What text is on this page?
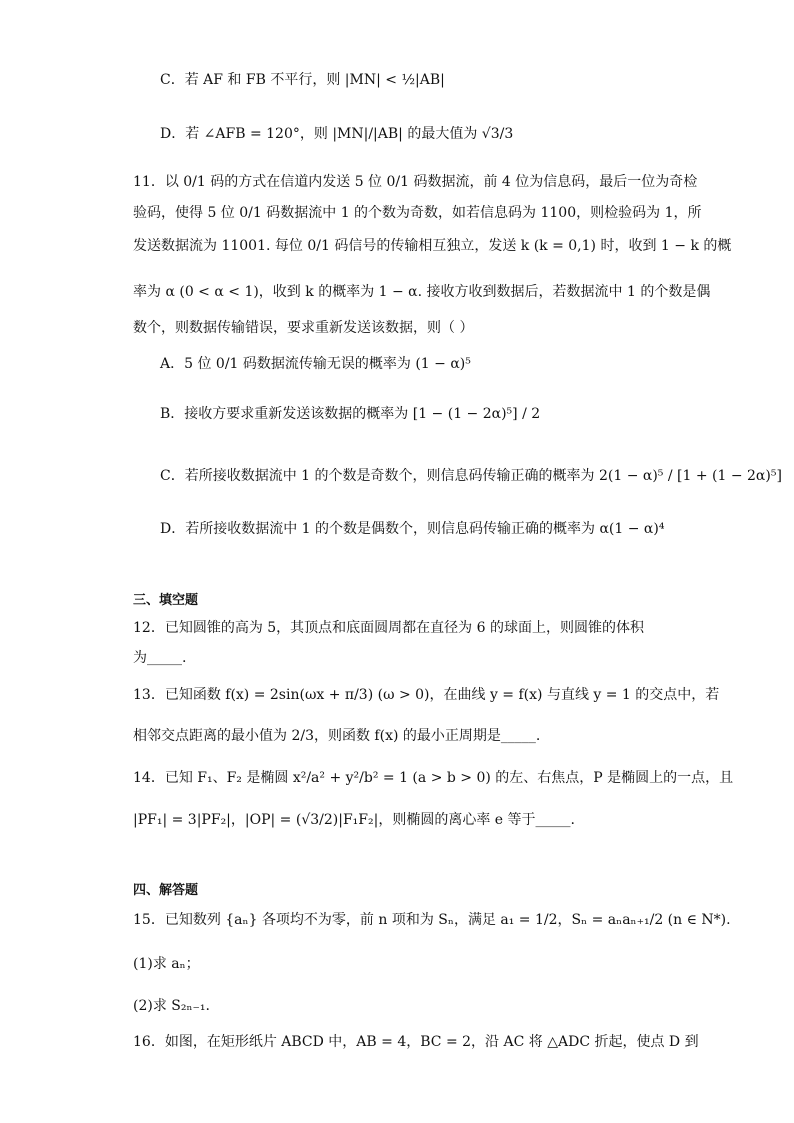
C．若 AF 和 FB 不平行，则 |MN| < ½|AB|
D．若 ∠AFB = 120°，则 |MN|/|AB| 的最大值为 √3/3
11．以 0/1 码的方式在信道内发送 5 位 0/1 码数据流，前 4 位为信息码，最后一位为奇检
验码，使得 5 位 0/1 码数据流中 1 的个数为奇数，如若信息码为 1100，则检验码为 1，所
发送数据流为 11001. 每位 0/1 码信号的传输相互独立，发送 k (k = 0,1) 时，收到 1 − k 的概
率为 α (0 < α < 1)，收到 k 的概率为 1 − α. 接收方收到数据后，若数据流中 1 的个数是偶
数个，则数据传输错误，要求重新发送该数据，则（ ）
A．5 位 0/1 码数据流传输无误的概率为 (1 − α)⁵
B．接收方要求重新发送该数据的概率为 [1 − (1 − 2α)⁵] / 2
C．若所接收数据流中 1 的个数是奇数个，则信息码传输正确的概率为 2(1 − α)⁵ / [1 + (1 − 2α)⁵]
D．若所接收数据流中 1 的个数是偶数个，则信息码传输正确的概率为 α(1 − α)⁴
三、填空题
12．已知圆锥的高为 5，其顶点和底面圆周都在直径为 6 的球面上，则圆锥的体积
为_____.
13．已知函数 f(x) = 2sin(ωx + π/3) (ω > 0)，在曲线 y = f(x) 与直线 y = 1 的交点中，若
相邻交点距离的最小值为 2/3，则函数 f(x) 的最小正周期是_____.
14．已知 F₁、F₂ 是椭圆 x²/a² + y²/b² = 1 (a > b > 0) 的左、右焦点，P 是椭圆上的一点，且
|PF₁| = 3|PF₂|，|OP| = (√3/2)|F₁F₂|，则椭圆的离心率 e 等于_____.
四、解答题
15．已知数列 {aₙ} 各项均不为零，前 n 项和为 Sₙ，满足 a₁ = 1/2，Sₙ = aₙaₙ₊₁/2 (n ∈ N*).
(1)求 aₙ；
(2)求 S₂ₙ₋₁.
16．如图，在矩形纸片 ABCD 中，AB = 4，BC = 2，沿 AC 将 △ADC 折起，使点 D 到
